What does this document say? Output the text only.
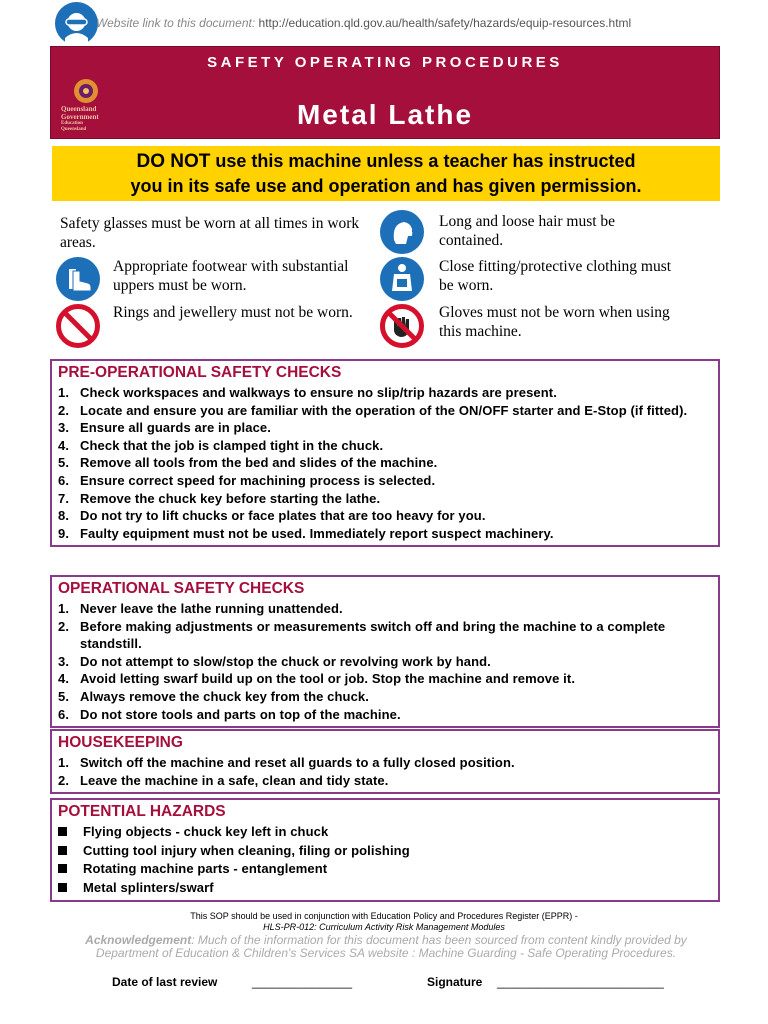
Website link to this document: http://education.qld.gov.au/health/safety/hazards/equip-resources.html
SAFETY OPERATING PROCEDURES
Queensland
Government
Education Queensland	Metal Lathe
DO NOT use this machine unless a teacher has instructed
you in its safe use and operation and has given permission.
Safety glasses must be worn at all times in work areas.
Long and loose hair must be contained.
Appropriate footwear with substantial uppers must be worn.
Close fitting/protective clothing must be worn.
Rings and jewellery must not be worn.	Gloves must not be worn when using this machine.
PRE-OPERATIONAL SAFETY CHECKS
1. Check workspaces and walkways to ensure no slip/trip hazards are present.
2. Locate and ensure you are familiar with the operation of the ON/OFF starter and E-Stop (if fitted).
3. Ensure all guards are in place.
4. Check that the job is clamped tight in the chuck.
5. Remove all tools from the bed and slides of the machine.
6. Ensure correct speed for machining process is selected.
7. Remove the chuck key before starting the lathe.
8. Do not try to lift chucks or face plates that are too heavy for you.
9. Faulty equipment must not be used. Immediately report suspect machinery.
OPERATIONAL SAFETY CHECKS
1. Never leave the lathe running unattended.
2. Before making adjustments or measurements switch off and bring the machine to a complete standstill.
3. Do not attempt to slow/stop the chuck or revolving work by hand.
4. Avoid letting swarf build up on the tool or job. Stop the machine and remove it.
5. Always remove the chuck key from the chuck.
6. Do not store tools and parts on top of the machine.
HOUSEKEEPING
1. Switch off the machine and reset all guards to a fully closed position.
2. Leave the machine in a safe, clean and tidy state.
POTENTIAL HAZARDS
Flying objects - chuck key left in chuck
Cutting tool injury when cleaning, filing or polishing
Rotating machine parts - entanglement
Metal splinters/swarf
This SOP should be used in conjunction with Education Policy and Procedures Register (EPPR) -
HLS-PR-012: Curriculum Activity Risk Management Modules
Acknowledgement: Much of the information for this document has been sourced from content kindly provided by Department of Education & Children's Services SA website : Machine Guarding - Safe Operating Procedures.
Date of last review	_______________	Signature _________________________
